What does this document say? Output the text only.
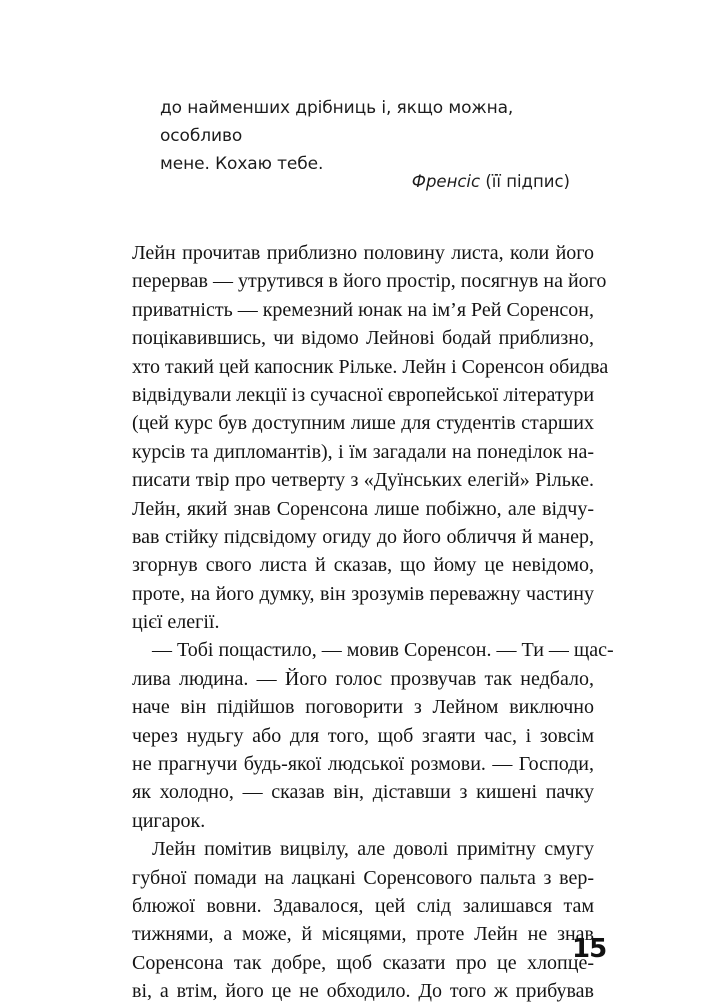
до найменших дрібниць і, якщо можна, особливо

мене. Кохаю тебе.

Френсіс (її підпис)
Лейн прочитав приблизно половину листа, коли його
перервав — утрутився в його простір, посягнув на його
приватність — кремезний юнак на ім’я Рей Соренсон,
поцікавившись, чи відомо Лейнові бодай приблизно,
хто такий цей капосник Рільке. Лейн і Соренсон обидва
відвідували лекції із сучасної європейської літератури
(цей курс був доступним лише для студентів старших
курсів та дипломантів), і їм загадали на понеділок на-
писати твір про четверту з «Дуїнських елегій» Рільке.
Лейн, який знав Соренсона лише побіжно, але відчу-
вав стійку підсвідому огиду до його обличчя й манер,
згорнув свого листа й сказав, що йому це невідомо,
проте, на його думку, він зрозумів переважну частину
цієї елегії.
— Тобі пощастило, — мовив Соренсон. — Ти — щас-
лива людина. — Його голос прозвучав так недбало,
наче він підійшов поговорити з Лейном виключно
через нудьгу або для того, щоб згаяти час, і зовсім
не прагнучи будь-якої людської розмови. — Господи,
як холодно, — сказав він, діставши з кишені пачку
цигарок.
Лейн помітив вицвілу, але доволі примітну смугу
губної помади на лацкані Соренсового пальта з вер-
блюжої вовни. Здавалося, цей слід залишався там
тижнями, а може, й місяцями, проте Лейн не знав
Соренсона так добре, щоб сказати про це хлопце-
ві, а втім, його це не обходило. До того ж прибував
15
